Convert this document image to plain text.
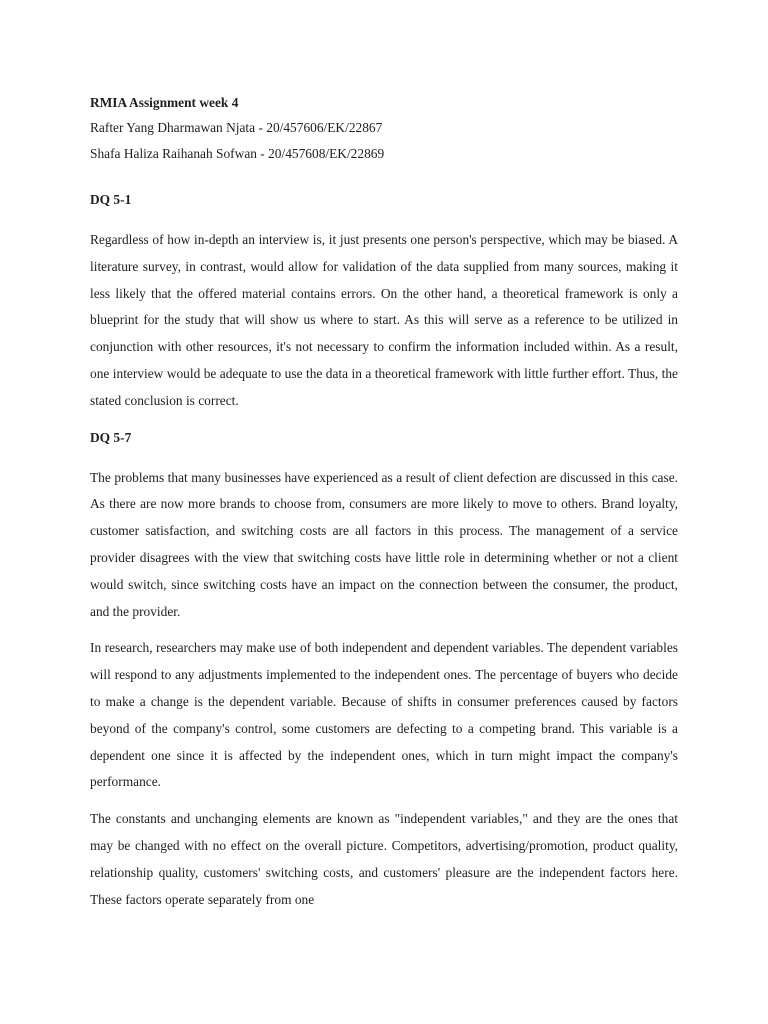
RMIA Assignment week 4

Rafter Yang Dharmawan Njata - 20/457606/EK/22867

Shafa Haliza Raihanah Sofwan - 20/457608/EK/22869

DQ 5-1

Regardless of how in-depth an interview is, it just presents one person's perspective, which may be biased. A literature survey, in contrast, would allow for validation of the data supplied from many sources, making it less likely that the offered material contains errors. On the other hand, a theoretical framework is only a blueprint for the study that will show us where to start. As this will serve as a reference to be utilized in conjunction with other resources, it's not necessary to confirm the information included within. As a result, one interview would be adequate to use the data in a theoretical framework with little further effort. Thus, the stated conclusion is correct.

DQ 5-7

The problems that many businesses have experienced as a result of client defection are discussed in this case. As there are now more brands to choose from, consumers are more likely to move to others. Brand loyalty, customer satisfaction, and switching costs are all factors in this process. The management of a service provider disagrees with the view that switching costs have little role in determining whether or not a client would switch, since switching costs have an impact on the connection between the consumer, the product, and the provider.

In research, researchers may make use of both independent and dependent variables. The dependent variables will respond to any adjustments implemented to the independent ones. The percentage of buyers who decide to make a change is the dependent variable. Because of shifts in consumer preferences caused by factors beyond of the company's control, some customers are defecting to a competing brand. This variable is a dependent one since it is affected by the independent ones, which in turn might impact the company's performance.

The constants and unchanging elements are known as "independent variables," and they are the ones that may be changed with no effect on the overall picture. Competitors, advertising/promotion, product quality, relationship quality, customers' switching costs, and customers' pleasure are the independent factors here. These factors operate separately from one
